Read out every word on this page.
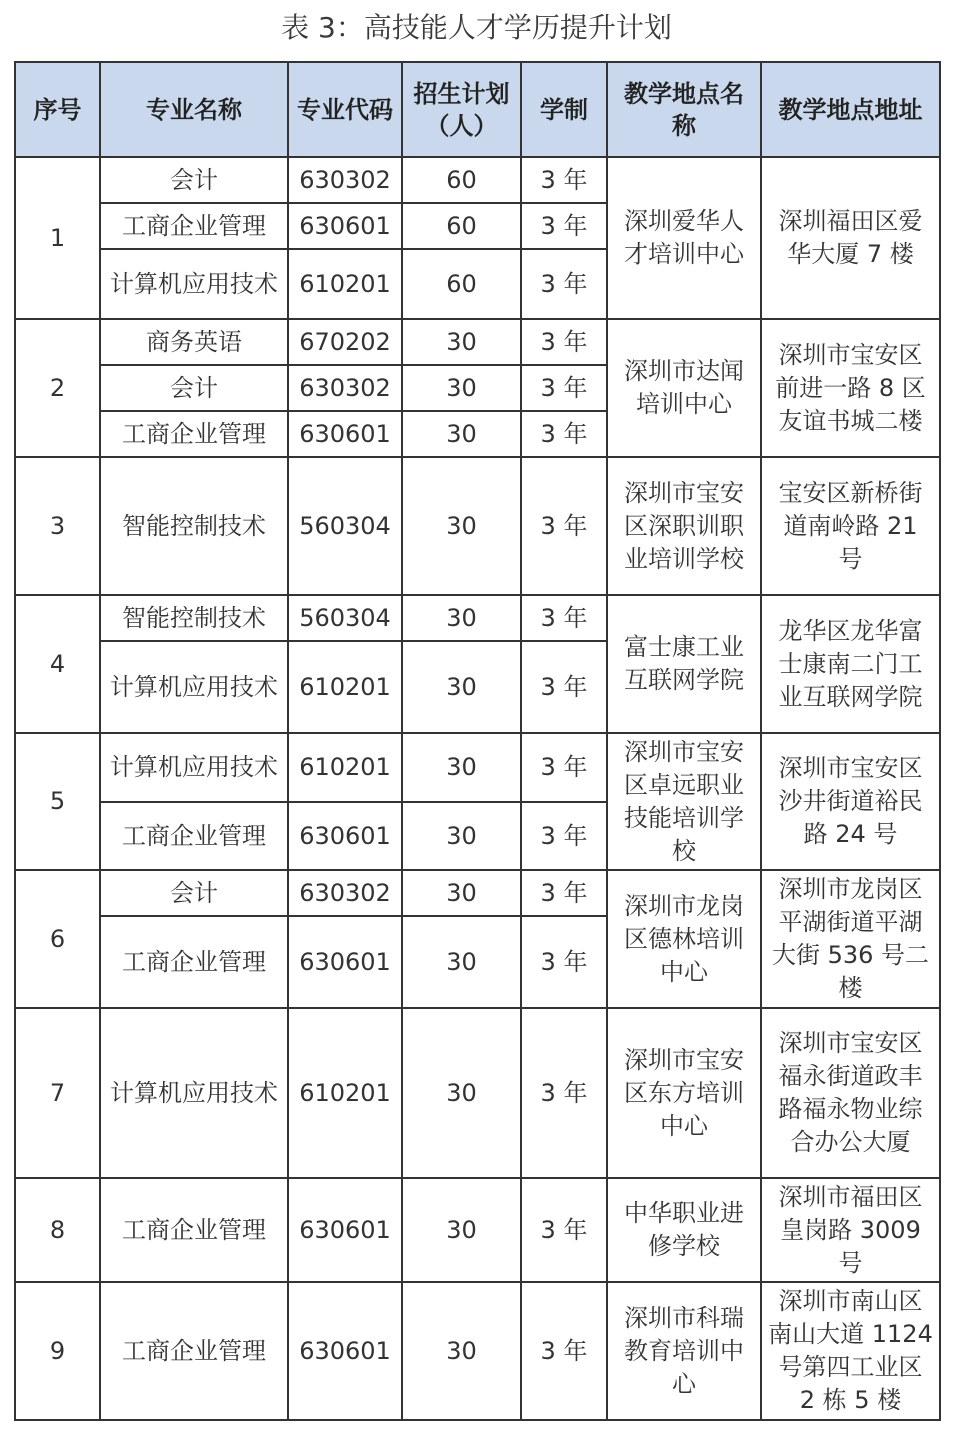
表 3：高技能人才学历提升计划
序号	专业名称	专业代码	招生计划（人）	学制	教学地点名称	教学地点地址
1	会计	630302	60	3 年	深圳爱华人才培训中心	深圳福田区爱华大厦 7 楼
	工商企业管理	630601	60	3 年		
	计算机应用技术	610201	60	3 年		
2	商务英语	670202	30	3 年	深圳市达闻培训中心	深圳市宝安区前进一路 8 区友谊书城二楼
	会计	630302	30	3 年		
	工商企业管理	630601	30	3 年		
3	智能控制技术	560304	30	3 年	深圳市宝安区深职训职业培训学校	宝安区新桥街道南岭路 21 号
4	智能控制技术	560304	30	3 年	富士康工业互联网学院	龙华区龙华富士康南二门工业互联网学院
	计算机应用技术	610201	30	3 年		
5	计算机应用技术	610201	30	3 年	深圳市宝安区卓远职业技能培训学校	深圳市宝安区沙井街道裕民路 24 号
	工商企业管理	630601	30	3 年		
6	会计	630302	30	3 年	深圳市龙岗区德林培训中心	深圳市龙岗区平湖街道平湖大街 536 号二楼
	工商企业管理	630601	30	3 年		
7	计算机应用技术	610201	30	3 年	深圳市宝安区东方培训中心	深圳市宝安区福永街道政丰路福永物业综合办公大厦
8	工商企业管理	630601	30	3 年	中华职业进修学校	深圳市福田区皇岗路 3009 号
9	工商企业管理	630601	30	3 年	深圳市科瑞教育培训中心	深圳市南山区南山大道 1124 号第四工业区 2 栋 5 楼
